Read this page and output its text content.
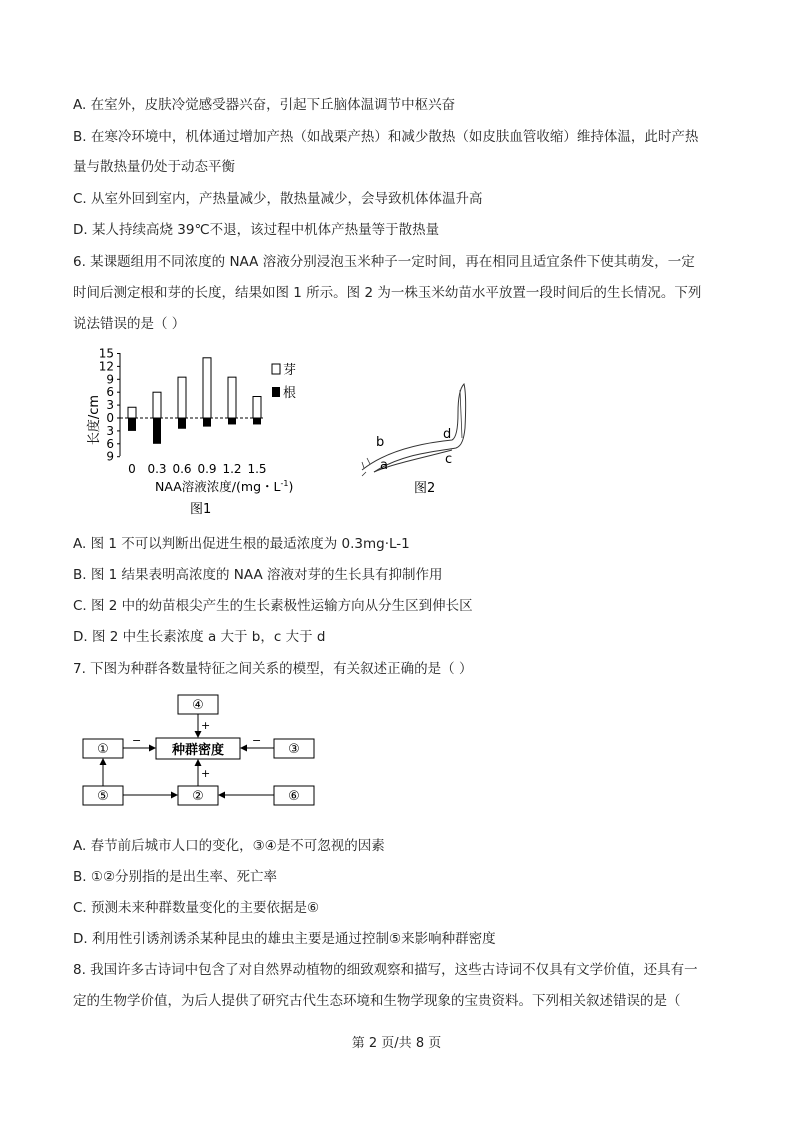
A. 在室外，皮肤冷觉感受器兴奋，引起下丘脑体温调节中枢兴奋
B. 在寒冷环境中，机体通过增加产热（如战栗产热）和减少散热（如皮肤血管收缩）维持体温，此时产热
量与散热量仍处于动态平衡
C. 从室外回到室内，产热量减少，散热量减少，会导致机体体温升高
D. 某人持续高烧 39℃不退，该过程中机体产热量等于散热量
6. 某课题组用不同浓度的 NAA 溶液分别浸泡玉米种子一定时间，再在相同且适宜条件下使其萌发，一定
时间后测定根和芽的长度，结果如图 1 所示。图 2 为一株玉米幼苗水平放置一段时间后的生长情况。下列
说法错误的是（ ）
15
12
9
6
3
0
3
6
9
0 0.3 0.6 0.9 1.2 1.5
长度/cm
芽
根
NAA溶液浓度/(mg・$L^{-1}$)
图1
b
a
d
c
图2
A. 图 1 不可以判断出促进生根的最适浓度为 0.3mg·L-1
B. 图 1 结果表明高浓度的 NAA 溶液对芽的生长具有抑制作用
C. 图 2 中的幼苗根尖产生的生长素极性运输方向从分生区到伸长区
D. 图 2 中生长素浓度 a 大于 b，c 大于 d
7. 下图为种群各数量特征之间关系的模型，有关叙述正确的是（ ）
④
种群密度
①	③
⑤	②	⑥
+
−	−
+
A. 春节前后城市人口的变化，③④是不可忽视的因素
B. ①②分别指的是出生率、死亡率
C. 预测未来种群数量变化的主要依据是⑥
D. 利用性引诱剂诱杀某种昆虫的雄虫主要是通过控制⑤来影响种群密度
8. 我国许多古诗词中包含了对自然界动植物的细致观察和描写，这些古诗词不仅具有文学价值，还具有一
定的生物学价值，为后人提供了研究古代生态环境和生物学现象的宝贵资料。下列相关叙述错误的是（
第 2 页/共 8 页
